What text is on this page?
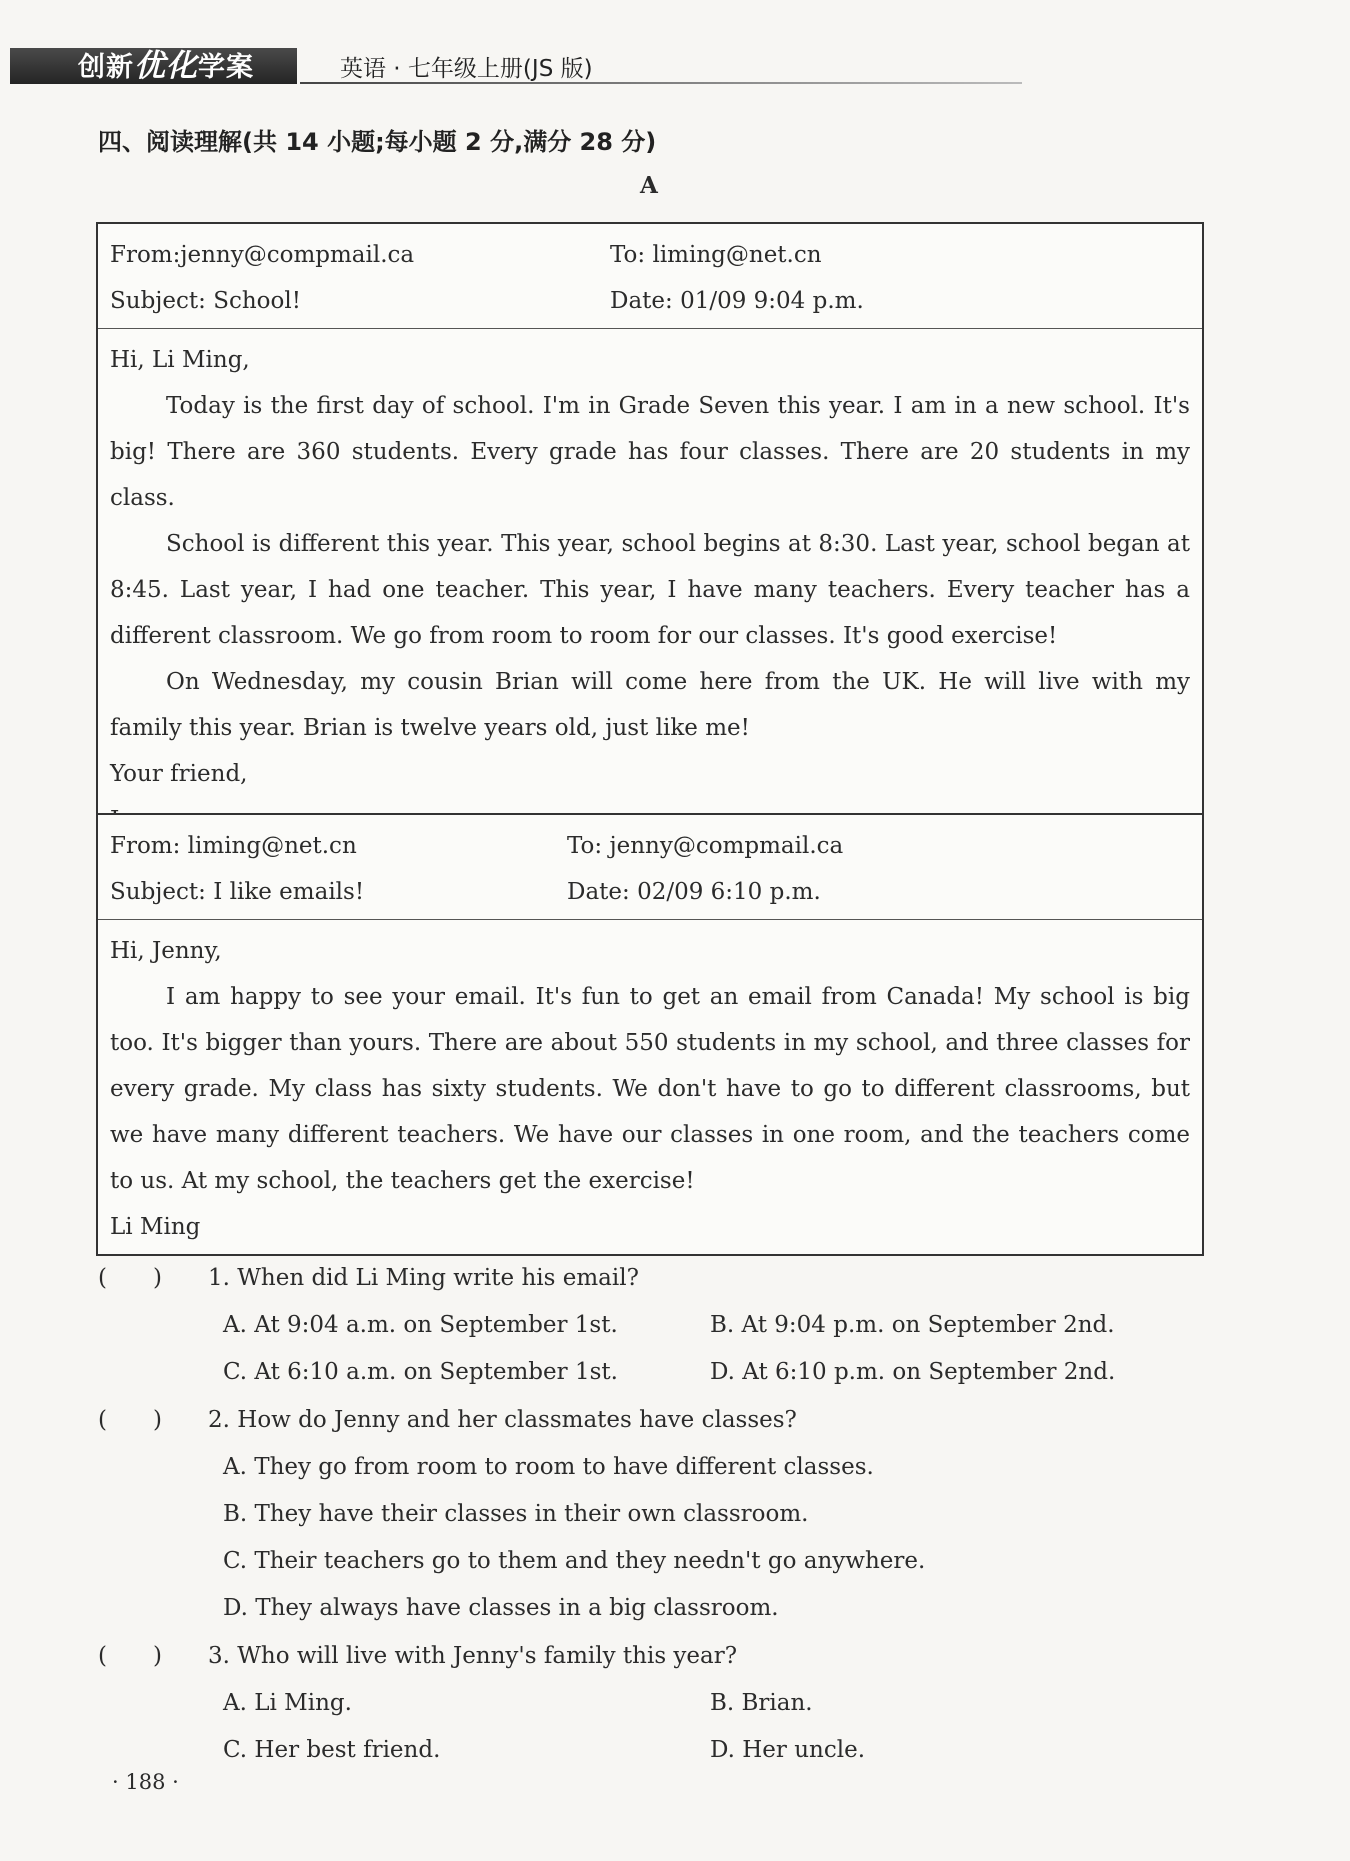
创新优化学案	英语 · 七年级上册(JS 版)
四、阅读理解(共 14 小题;每小题 2 分,满分 28 分)
A
From:jenny@compmail.ca	To: liming@net.cn
Subject: School!	Date: 01/09 9:04 p.m.

Hi, Li Ming,

Today is the first day of school. I'm in Grade Seven this year. I am in a new school. It's big! There are 360 students. Every grade has four classes. There are 20 students in my class.

School is different this year. This year, school begins at 8:30. Last year, school began at 8:45. Last year, I had one teacher. This year, I have many teachers. Every teacher has a different classroom. We go from room to room for our classes. It's good exercise!

On Wednesday, my cousin Brian will come here from the UK. He will live with my family this year. Brian is twelve years old, just like me!

Your friend,

From: liming@net.cn	To: jenny@compmail.ca
Subject: I like emails!	Date: 02/09 6:10 p.m.

Hi, Jenny,

I am happy to see your email. It's fun to get an email from Canada! My school is big too. It's bigger than yours. There are about 550 students in my school, and three classes for every grade. My class has sixty students. We don't have to go to different classrooms, but we have many different teachers. We have our classes in one room, and the teachers come to us. At my school, the teachers get the exercise!

Li Ming

(　　)	1. When did Li Ming write his email?
A. At 9:04 a.m. on September 1st.	B. At 9:04 p.m. on September 2nd.
C. At 6:10 a.m. on September 1st.	D. At 6:10 p.m. on September 2nd.
(　　)	2. How do Jenny and her classmates have classes?
A. They go from room to room to have different classes.
B. They have their classes in their own classroom.
C. Their teachers go to them and they needn't go anywhere.
D. They always have classes in a big classroom.
(　　)	3. Who will live with Jenny's family this year?
A. Li Ming.	B. Brian.
C. Her best friend.	D. Her uncle.
· 188 ·
